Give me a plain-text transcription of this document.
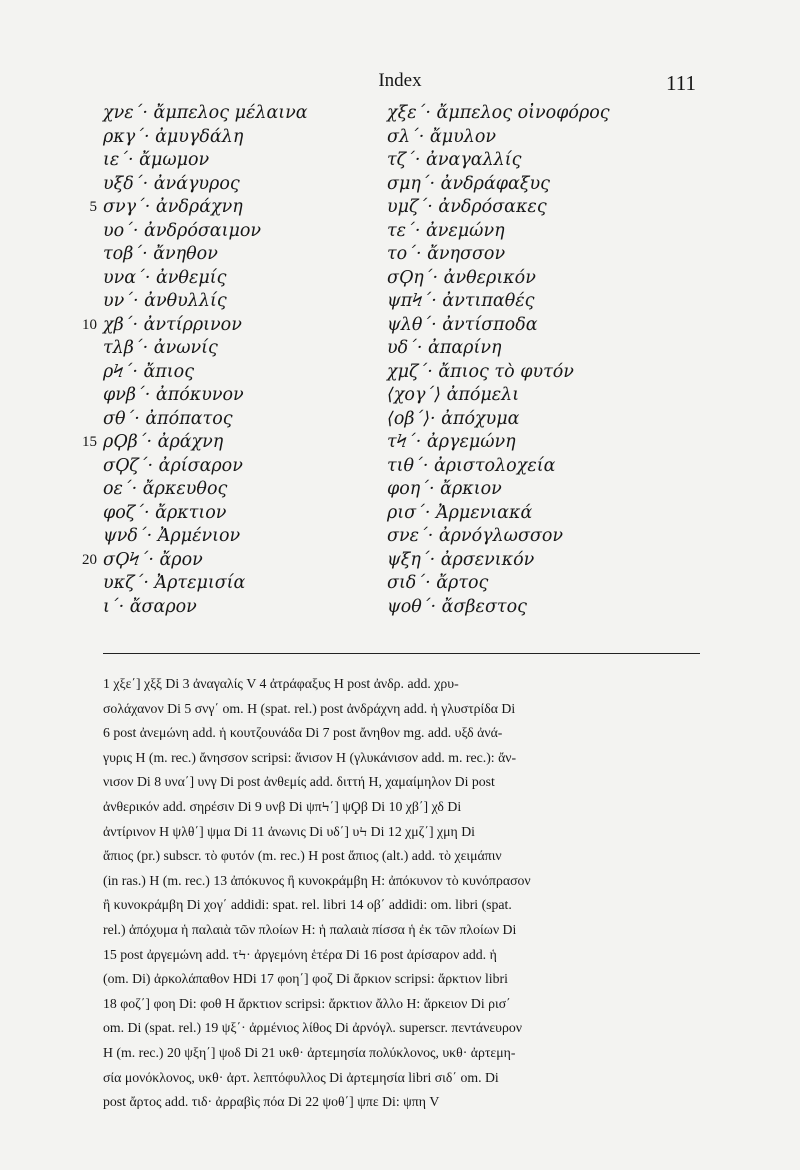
Index	111
χνε΄· ἄμπελος μέλαινα
ρκγ΄· ἀμυγδάλη
ιε΄· ἄμωμον
υξδ΄· ἀνάγυρος
5 σνγ΄· ἀνδράχνη
υο΄· ἀνδρόσαιμον
τοβ΄· ἄνηθον
υνα΄· ἀνθεμίς
υν΄· ἀνθυλλίς
10 χβ΄· ἀντίρρινον
τλβ΄· ἀνωνίς
ρϞ΄· ἄπιος
φνβ΄· ἀπόκυνον
σθ΄· ἀπόπατος
15 ρϘβ΄· ἀράχνη
σϘζ΄· ἀρίσαρον
οε΄· ἄρκευθος
φοζ΄· ἄρκτιον
ψνδ΄· Ἀρμένιον
20 σϘϞ΄· ἄρον
υκζ΄· Ἀρτεμισία
ι΄· ἄσαρον
χξε΄· ἄμπελος οἰνοφόρος
σλ΄· ἄμυλον
τζ΄· ἀναγαλλίς
σμη΄· ἀνδράφαξυς
υμζ΄· ἀνδρόσακες
τε΄· ἀνεμώνη
το΄· ἄνησσον
σϘη΄· ἀνθερικόν
ψπϞ΄· ἀντιπαθές
ψλθ΄· ἀντίσποδα
υδ΄· ἀπαρίνη
χμζ΄· ἄπιος τὸ φυτόν
⟨χογ΄⟩ ἀπόμελι
⟨οβ΄⟩· ἀπόχυμα
τϞ΄· ἀργεμώνη
τιθ΄· ἀριστολοχεία
φοη΄· ἄρκιον
ρισ΄· Ἀρμενιακά
σνε΄· ἀρνόγλωσσον
ψξη΄· ἀρσενικόν
σιδ΄· ἄρτος
ψοθ΄· ἄσβεστος
1 χξε΄] χξξ Di 3 ἀναγαλίς V 4 ἀτράφαξυς H post ἀνδρ. add. χρυ-
σολάχανον Di 5 σνγ΄ om. H (spat. rel.) post ἀνδράχνη add. ἡ γλυστρίδα Di
6 post ἀνεμώνη add. ἡ κουτζουνάδα Di 7 post ἄνηθον mg. add. υξδ ἀνά-
γυρις H (m. rec.) ἄνησσον scripsi: ἄνισον H (γλυκάνισον add. m. rec.): ἄν-
νισον Di 8 υνα΄] υνγ Di post ἀνθεμίς add. διττή H, χαμαίμηλον Di post
ἀνθερικόν add. σηρέσιν Di 9 υνβ Di ψπϞ΄] ψϘβ Di 10 χβ΄] χδ Di
ἀντίρινον H ψλθ΄] ψμα Di 11 ἀνωνις Di υδ΄] υϞ Di 12 χμζ΄] χμη Di
ἄπιος (pr.) subscr. τὸ φυτόν (m. rec.) H post ἄπιος (alt.) add. τὸ χειμάπιν
(in ras.) H (m. rec.) 13 ἀπόκυνος ἢ κυνοκράμβη H: ἀπόκυνον τὸ κυνόπρασον
ἢ κυνοκράμβη Di χογ΄ addidi: spat. rel. libri 14 οβ΄ addidi: om. libri (spat.
rel.) ἀπόχυμα ἡ παλαιὰ τῶν πλοίων H: ἡ παλαιὰ πίσσα ἡ ἐκ τῶν πλοίων Di
15 post ἀργεμώνη add. τϞ· ἀργεμόνη ἑτέρα Di 16 post ἀρίσαρον add. ἡ
(om. Di) ἀρκολάπαθον HDi 17 φοη΄] φοζ Di ἄρκιον scripsi: ἄρκτιον libri
18 φοζ΄] φοη Di: φοθ H ἄρκτιον scripsi: ἄρκτιον ἄλλο H: ἄρκειον Di ρισ΄
om. Di (spat. rel.) 19 ψξ΄· ἀρμένιος λίθος Di ἀρνόγλ. superscr. πεντάνευρον
H (m. rec.) 20 ψξη΄] ψοδ Di 21 υκθ· ἀρτεμησία πολύκλονος, υκθ· ἀρτεμη-
σία μονόκλονος, υκθ· ἀρτ. λεπτόφυλλος Di ἀρτεμησία libri σιδ΄ om. Di
post ἄρτος add. τιδ· ἀρραβὶς πόα Di 22 ψοθ΄] ψπε Di: ψπη V
